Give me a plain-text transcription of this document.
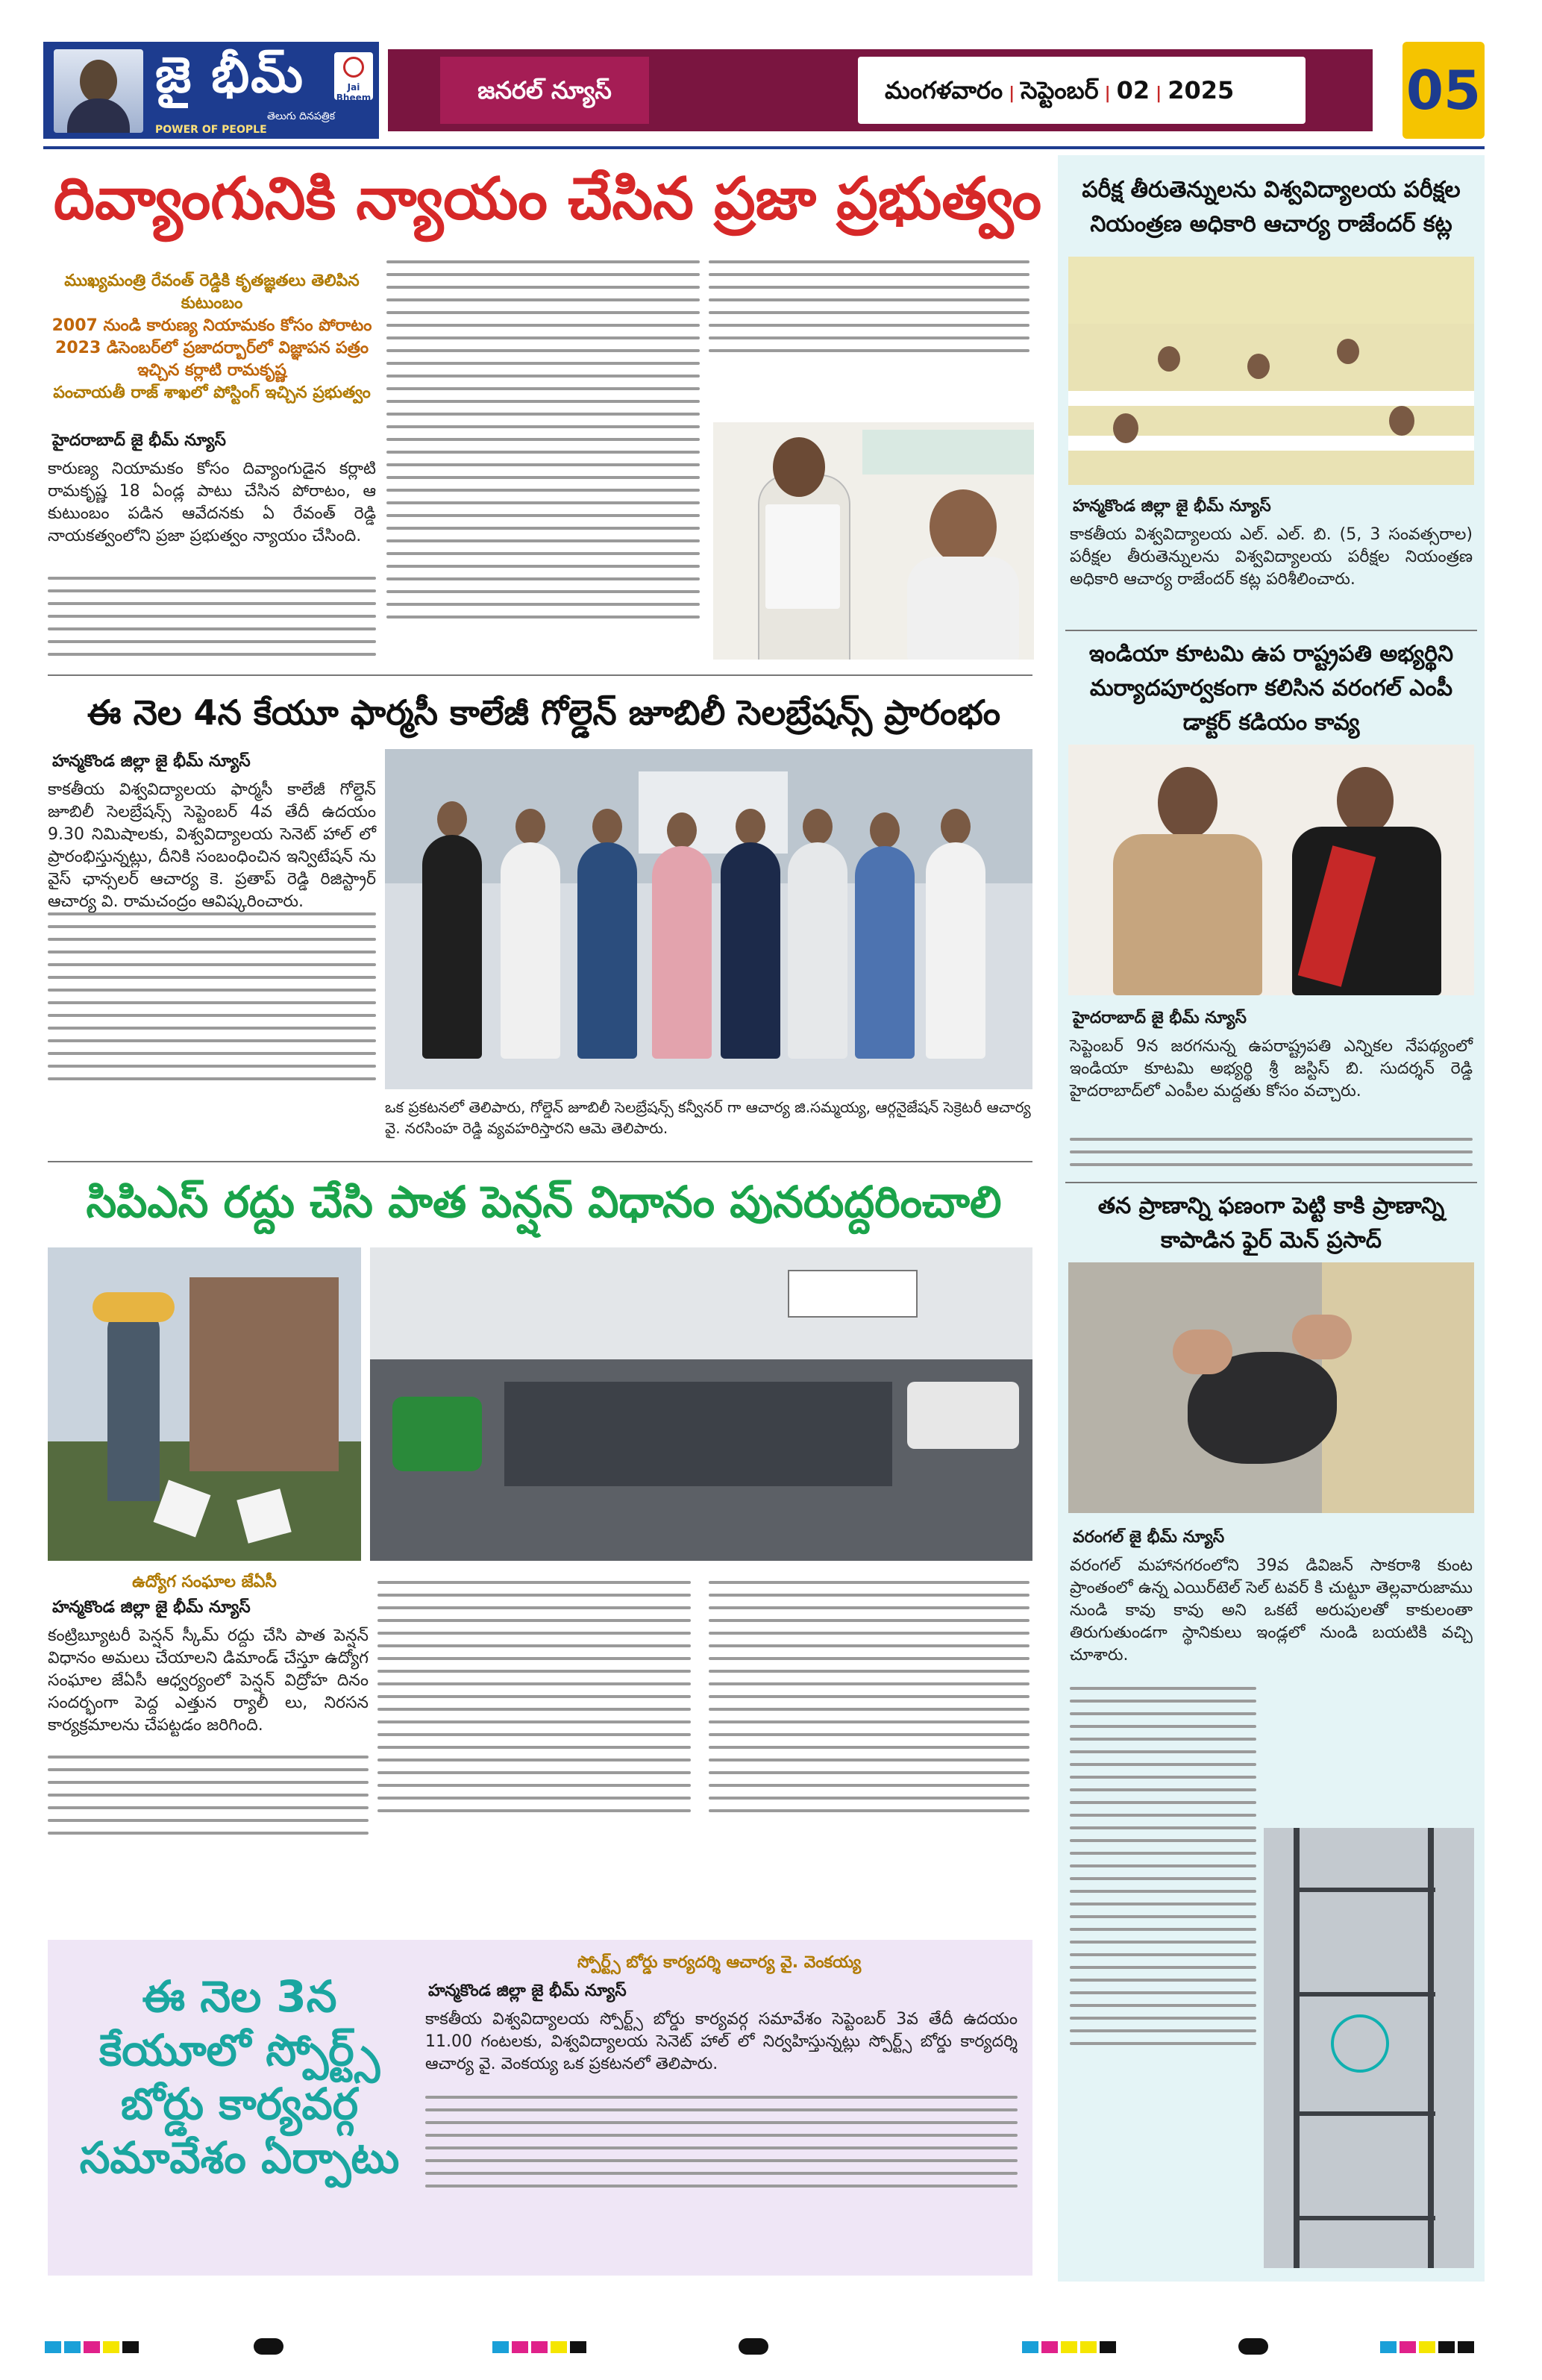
జై భీమ్
తెలుగు దినపత్రిక
POWER OF PEOPLE
Jai Bheem	జనరల్ న్యూస్	మంగళవారం | సెప్టెంబర్ | 02 | 2025	05
దివ్యాంగునికి న్యాయం చేసిన ప్రజా ప్రభుత్వం
ముఖ్యమంత్రి రేవంత్ రెడ్డికి కృతజ్ఞతలు తెలిపిన కుటుంబం
2007 నుండి కారుణ్య నియామకం కోసం పోరాటం
2023 డిసెంబర్‌లో ప్రజాదర్బార్‌లో విజ్ఞాపన పత్రం ఇచ్చిన కర్లాటి రామకృష్ణ
పంచాయతీ రాజ్ శాఖలో పోస్టింగ్ ఇచ్చిన ప్రభుత్వం
హైదరాబాద్ జై భీమ్ న్యూస్
కారుణ్య నియామకం కోసం దివ్యాంగుడైన కర్లాటి రామకృష్ణ 18 ఏండ్ల పాటు చేసిన పోరాటం, ఆ కుటుంబం పడిన ఆవేదనకు ఏ రేవంత్ రెడ్డి నాయకత్వంలోని ప్రజా ప్రభుత్వం న్యాయం చేసింది.
ఈ నెల 4న కేయూ ఫార్మసీ కాలేజీ గోల్డెన్ జూబిలీ సెలబ్రేషన్స్ ప్రారంభం
హన్మకొండ జిల్లా జై భీమ్ న్యూస్
కాకతీయ విశ్వవిద్యాలయ ఫార్మసీ కాలేజీ గోల్డెన్ జూబిలీ సెలబ్రేషన్స్ సెప్టెంబర్ 4వ తేదీ ఉదయం 9.30 నిమిషాలకు, విశ్వవిద్యాలయ సెనెట్ హాల్ లో ప్రారంభిస్తున్నట్లు, దీనికి సంబంధించిన ఇన్విటేషన్ ను వైస్ ఛాన్సలర్ ఆచార్య కె. ప్రతాప్ రెడ్డి రిజిస్ట్రార్ ఆచార్య వి. రామచంద్రం ఆవిష్కరించారు.
ఒక ప్రకటనలో తెలిపారు, గోల్డెన్ జూబిలీ సెలబ్రేషన్స్ కన్వీనర్ గా ఆచార్య జి.సమ్మయ్య, ఆర్గనైజేషన్ సెక్రెటరీ ఆచార్య వై. నరసింహ రెడ్డి వ్యవహరిస్తారని ఆమె తెలిపారు.
సిపిఎస్ రద్దు చేసి పాత పెన్షన్ విధానం పునరుద్దరించాలి
ఉద్యోగ సంఘాల జేఏసీ
హన్మకొండ జిల్లా జై భీమ్ న్యూస్
కంట్రిబ్యూటరీ పెన్షన్ స్కీమ్ రద్దు చేసి పాత పెన్షన్ విధానం అమలు చేయాలని డిమాండ్ చేస్తూ ఉద్యోగ సంఘాల జేఏసీ ఆధ్వర్యంలో పెన్షన్ విద్రోహ దినం సందర్భంగా పెద్ద ఎత్తున ర్యాలీ లు, నిరసన కార్యక్రమాలను చేపట్టడం జరిగింది.
ఈ నెల 3న కేయూలో స్పోర్ట్స్ బోర్డు కార్యవర్గ సమావేశం ఏర్పాటు
స్పోర్ట్స్ బోర్డు కార్యదర్శి ఆచార్య వై. వెంకయ్య
హన్మకొండ జిల్లా జై భీమ్ న్యూస్
కాకతీయ విశ్వవిద్యాలయ స్పోర్ట్స్ బోర్డు కార్యవర్గ సమావేశం సెప్టెంబర్ 3వ తేదీ ఉదయం 11.00 గంటలకు, విశ్వవిద్యాలయ సెనెట్ హాల్ లో నిర్వహిస్తున్నట్లు స్పోర్ట్స్ బోర్డు కార్యదర్శి ఆచార్య వై. వెంకయ్య ఒక ప్రకటనలో తెలిపారు.
పరీక్ష తీరుతెన్నులను విశ్వవిద్యాలయ పరీక్షల నియంత్రణ అధికారి ఆచార్య రాజేందర్ కట్ల
హన్మకొండ జిల్లా జై భీమ్ న్యూస్
కాకతీయ విశ్వవిద్యాలయ ఎల్. ఎల్. బి. (5, 3 సంవత్సరాల) పరీక్షల తీరుతెన్నులను విశ్వవిద్యాలయ పరీక్షల నియంత్రణ అధికారి ఆచార్య రాజేందర్ కట్ల పరిశీలించారు.
ఇండియా కూటమి ఉప రాష్ట్రపతి అభ్యర్థిని మర్యాదపూర్వకంగా కలిసిన వరంగల్ ఎంపీ డాక్టర్ కడియం కావ్య
హైదరాబాద్ జై భీమ్ న్యూస్
సెప్టెంబర్ 9న జరగనున్న ఉపరాష్ట్రపతి ఎన్నికల నేపథ్యంలో ఇండియా కూటమి అభ్యర్థి శ్రీ జస్టిస్ బి. సుదర్శన్ రెడ్డి హైదరాబాద్‌లో ఎంపీల మద్దతు కోసం వచ్చారు.
తన ప్రాణాన్ని ఫణంగా పెట్టి కాకి ప్రాణాన్ని కాపాడిన ఫైర్ మెన్ ప్రసాద్
వరంగల్ జై భీమ్ న్యూస్
వరంగల్ మహానగరంలోని 39వ డివిజన్ సాకరాశి కుంట ప్రాంతంలో ఉన్న ఎయిర్‌టెల్ సెల్ టవర్ కి చుట్టూ తెల్లవారుజాము నుండి కావు కావు అని ఒకటే అరుపులతో కాకులంతా తిరుగుతుండగా స్థానికులు ఇండ్లలో నుండి బయటికి వచ్చి చూశారు.
